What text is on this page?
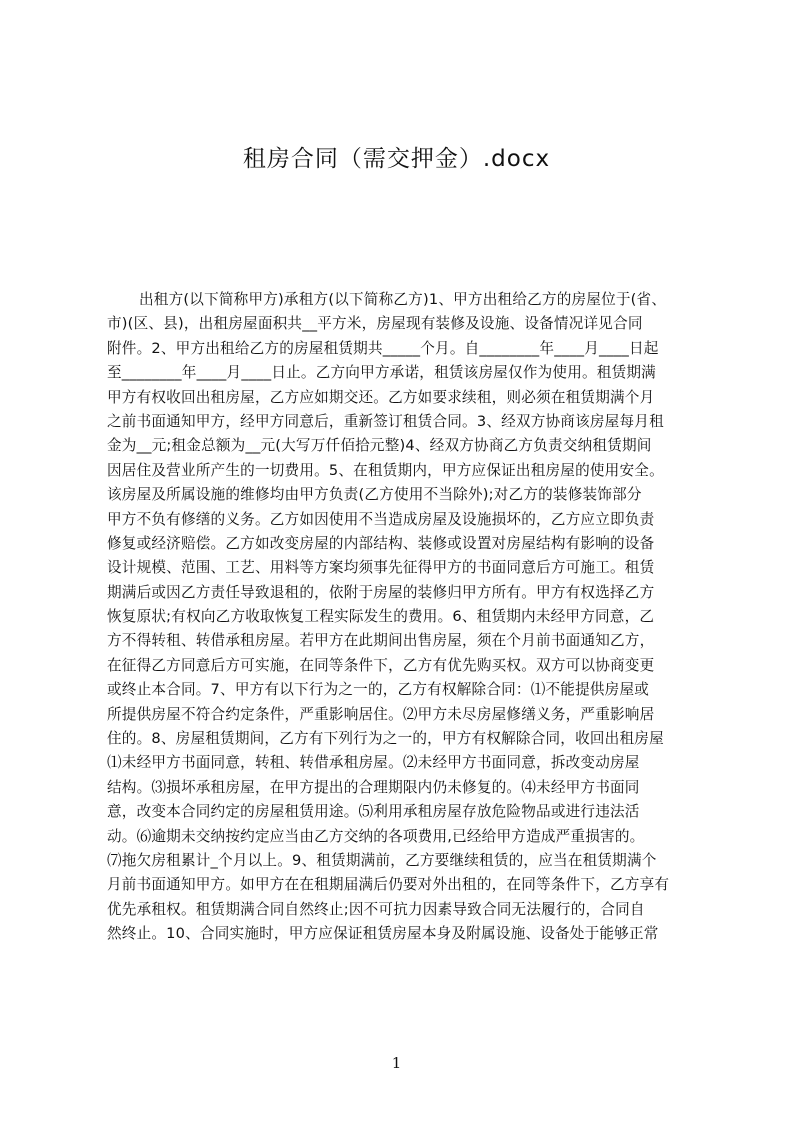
租房合同（需交押金）.docx
出租方(以下简称甲方)承租方(以下简称乙方)1、甲方出租给乙方的房屋位于(省、
市)(区、县)，出租房屋面积共__平方米，房屋现有装修及设施、设备情况详见合同
附件。2、甲方出租给乙方的房屋租赁期共_____个月。自________年____月____日起
至________年____月____日止。乙方向甲方承诺，租赁该房屋仅作为使用。租赁期满
甲方有权收回出租房屋，乙方应如期交还。乙方如要求续租，则必须在租赁期满个月
之前书面通知甲方，经甲方同意后，重新签订租赁合同。3、经双方协商该房屋每月租
金为__元;租金总额为__元(大写万仟佰拾元整)4、经双方协商乙方负责交纳租赁期间
因居住及营业所产生的一切费用。5、在租赁期内，甲方应保证出租房屋的使用安全。
该房屋及所属设施的维修均由甲方负责(乙方使用不当除外);对乙方的装修装饰部分
甲方不负有修缮的义务。乙方如因使用不当造成房屋及设施损坏的，乙方应立即负责
修复或经济赔偿。乙方如改变房屋的内部结构、装修或设置对房屋结构有影响的设备
设计规模、范围、工艺、用料等方案均须事先征得甲方的书面同意后方可施工。租赁
期满后或因乙方责任导致退租的，依附于房屋的装修归甲方所有。甲方有权选择乙方
恢复原状;有权向乙方收取恢复工程实际发生的费用。6、租赁期内未经甲方同意，乙
方不得转租、转借承租房屋。若甲方在此期间出售房屋，须在个月前书面通知乙方，
在征得乙方同意后方可实施，在同等条件下，乙方有优先购买权。双方可以协商变更
或终止本合同。7、甲方有以下行为之一的，乙方有权解除合同：⑴不能提供房屋或
所提供房屋不符合约定条件，严重影响居住。⑵甲方未尽房屋修缮义务，严重影响居
住的。8、房屋租赁期间，乙方有下列行为之一的，甲方有权解除合同，收回出租房屋
⑴未经甲方书面同意，转租、转借承租房屋。⑵未经甲方书面同意，拆改变动房屋
结构。⑶损坏承租房屋，在甲方提出的合理期限内仍未修复的。⑷未经甲方书面同
意，改变本合同约定的房屋租赁用途。⑸利用承租房屋存放危险物品或进行违法活
动。⑹逾期未交纳按约定应当由乙方交纳的各项费用,已经给甲方造成严重损害的。
⑺拖欠房租累计_个月以上。9、租赁期满前，乙方要继续租赁的，应当在租赁期满个
月前书面通知甲方。如甲方在在租期届满后仍要对外出租的，在同等条件下，乙方享有
优先承租权。租赁期满合同自然终止;因不可抗力因素导致合同无法履行的，合同自
然终止。10、合同实施时，甲方应保证租赁房屋本身及附属设施、设备处于能够正常
1
